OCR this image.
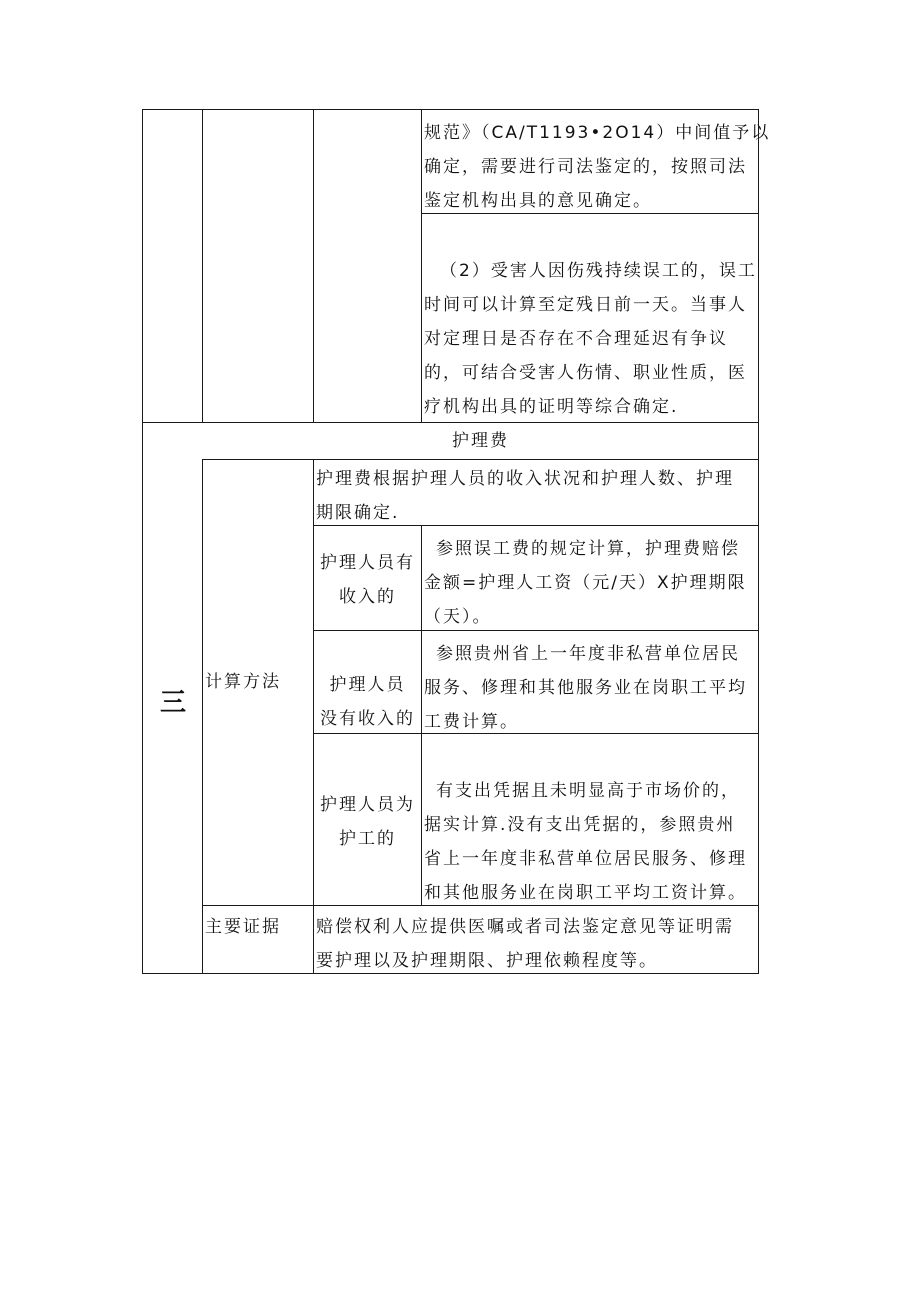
规范》（CA/T1193•2O14）中间值予以
确定，需要进行司法鉴定的，按照司法
鉴定机构出具的意见确定。
（2）受害人因伤残持续误工的，误工
时间可以计算至定残日前一天。当事人
对定理日是否存在不合理延迟有争议
的，可结合受害人伤情、职业性质，医
疗机构出具的证明等综合确定.
三
护理费
计算方法
护理费根据护理人员的收入状况和护理人数、护理
期限确定.
护理人员有
收入的
参照误工费的规定计算，护理费赔偿
金额=护理人工资（元/天）X护理期限
（天）。
护理人员
没有收入的
参照贵州省上一年度非私营单位居民
服务、修理和其他服务业在岗职工平均
工费计算。
护理人员为
护工的
有支出凭据且未明显高于市场价的，
据实计算.没有支出凭据的，参照贵州
省上一年度非私营单位居民服务、修理
和其他服务业在岗职工平均工资计算。
主要证据 赔偿权利人应提供医嘱或者司法鉴定意见等证明需
要护理以及护理期限、护理依赖程度等。
